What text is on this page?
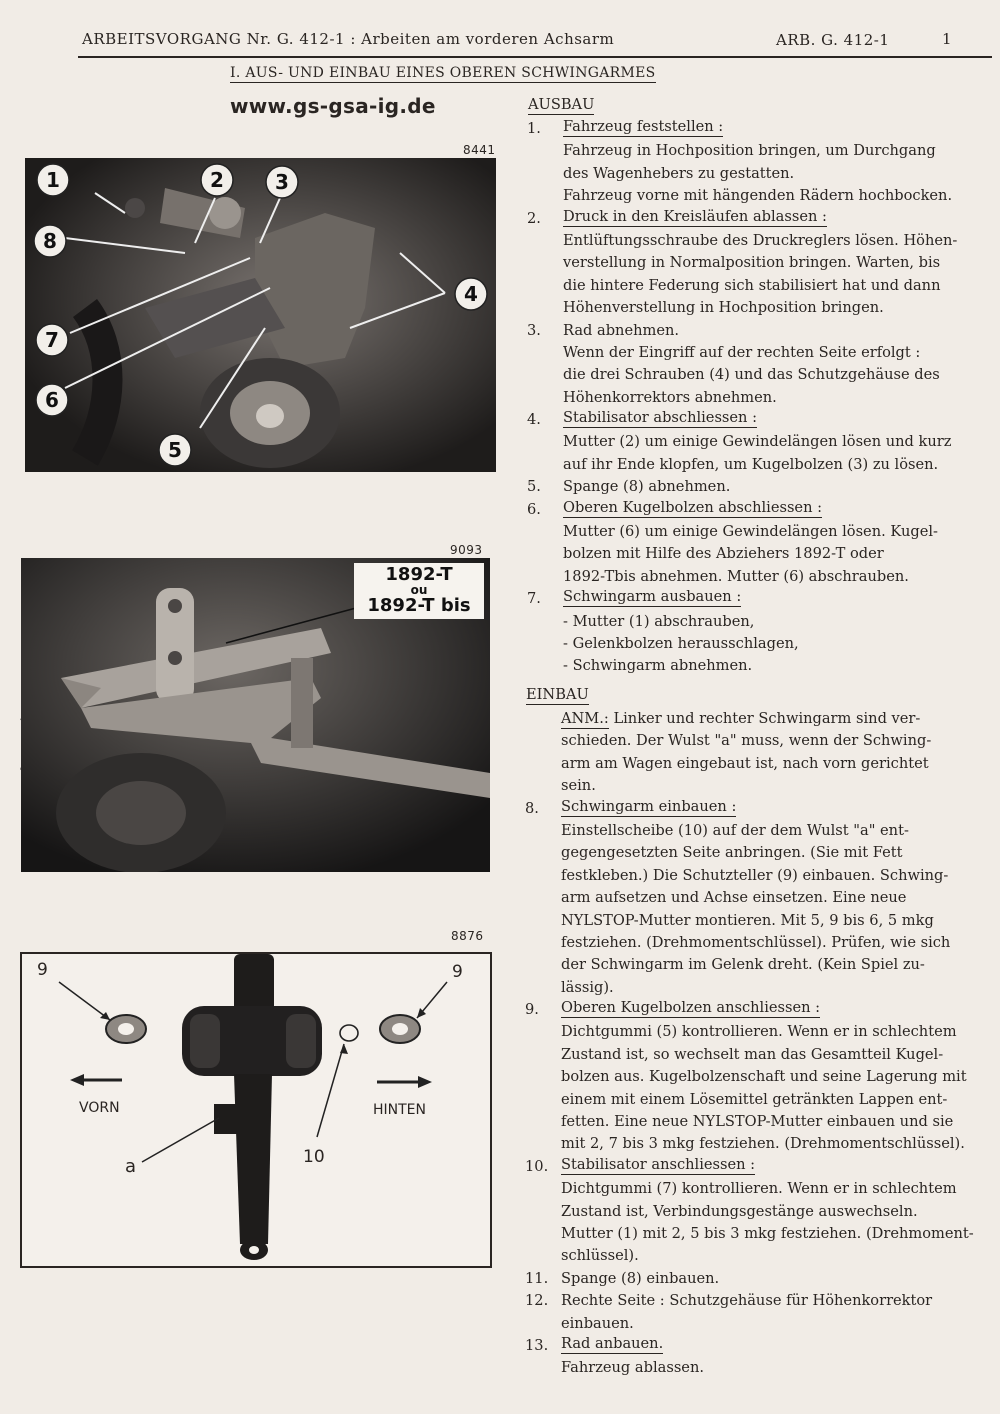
ARBEITSVORGANG Nr. G. 412-1 : Arbeiten am vorderen Achsarm	ARB. G. 412-1	1
I. AUS- UND EINBAU EINES OBEREN SCHWINGARMES
www.gs-gsa-ig.de
8441
1	2	3
4
5
6
7
8
9093
1892-T
ou
1892-T bis
8876
9	9
VORN	HINTEN
a	10
AUSBAU
1. Fahrzeug feststellen :
Fahrzeug in Hochposition bringen, um Durchgang
des Wagenhebers zu gestatten.
Fahrzeug vorne mit hängenden Rädern hochbocken.
2. Druck in den Kreisläufen ablassen :
Entlüftungsschraube des Druckreglers lösen. Höhen-
verstellung in Normalposition bringen. Warten, bis
die hintere Federung sich stabilisiert hat und dann
Höhenverstellung in Hochposition bringen.
3. Rad abnehmen.
Wenn der Eingriff auf der rechten Seite erfolgt :
die drei Schrauben (4) und das Schutzgehäuse des
Höhenkorrektors abnehmen.
4. Stabilisator abschliessen :
Mutter (2) um einige Gewindelängen lösen und kurz
auf ihr Ende klopfen, um Kugelbolzen (3) zu lösen.
5. Spange (8) abnehmen.
6. Oberen Kugelbolzen abschliessen :
Mutter (6) um einige Gewindelängen lösen. Kugel-
bolzen mit Hilfe des Abziehers 1892-T oder
1892-Tbis abnehmen. Mutter (6) abschrauben.
7. Schwingarm ausbauen :
- Mutter (1) abschrauben,
- Gelenkbolzen herausschlagen,
- Schwingarm abnehmen.
EINBAU
ANM.: Linker und rechter Schwingarm sind ver-
schieden. Der Wulst "a" muss, wenn der Schwing-
arm am Wagen eingebaut ist, nach vorn gerichtet
sein.
8. Schwingarm einbauen :
Einstellscheibe (10) auf der dem Wulst "a" ent-
gegengesetzten Seite anbringen. (Sie mit Fett
festkleben.) Die Schutzteller (9) einbauen. Schwing-
arm aufsetzen und Achse einsetzen. Eine neue
NYLSTOP-Mutter montieren. Mit 5, 9 bis 6, 5 mkg
festziehen. (Drehmomentschlüssel). Prüfen, wie sich
der Schwingarm im Gelenk dreht. (Kein Spiel zu-
lässig).
9. Oberen Kugelbolzen anschliessen :
Dichtgummi (5) kontrollieren. Wenn er in schlechtem
Zustand ist, so wechselt man das Gesamtteil Kugel-
bolzen aus. Kugelbolzenschaft und seine Lagerung mit
einem mit einem Lösemittel getränkten Lappen ent-
fetten. Eine neue NYLSTOP-Mutter einbauen und sie
mit 2, 7 bis 3 mkg festziehen. (Drehmomentschlüssel).
10. Stabilisator anschliessen :
Dichtgummi (7) kontrollieren. Wenn er in schlechtem
Zustand ist, Verbindungsgestänge auswechseln.
Mutter (1) mit 2, 5 bis 3 mkg festziehen. (Drehmoment-
schlüssel).
11. Spange (8) einbauen.
12. Rechte Seite : Schutzgehäuse für Höhenkorrektor
einbauen.
13. Rad anbauen.
Fahrzeug ablassen.
